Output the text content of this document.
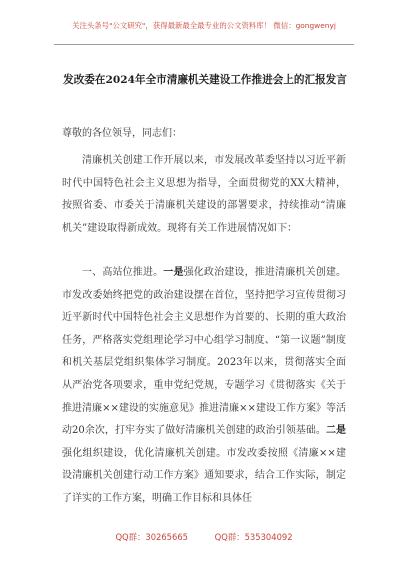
关注头条号"公文研究"，获得最新最全最专业的公文资料库！ 微信：gongwenyj
发改委在2024年全市清廉机关建设工作推进会上的汇报发言
尊敬的各位领导，同志们：

清廉机关创建工作开展以来，市发展改革委坚持以习近平新时代中国特色社会主义思想为指导，全面贯彻党的XX大精神，按照省委、市委关于清廉机关建设的部署要求，持续推动“清廉机关”建设取得新成效。现将有关工作进展情况如下：

一、高站位推进。一是强化政治建设，推进清廉机关创建。市发改委始终把党的政治建设摆在首位，坚持把学习宣传贯彻习近平新时代中国特色社会主义思想作为首要的、长期的重大政治任务，严格落实党组理论学习中心组学习制度、“第一议题”制度和机关基层党组织集体学习制度。2023年以来，贯彻落实全面从严治党各项要求，重申党纪党规，专题学习《贯彻落实《关于推进清廉××建设的实施意见》推进清廉××建设工作方案》等活动20余次，打牢夯实了做好清廉机关创建的政治引领基础。二是强化组织建设，优化清廉机关创建。市发改委按照《清廉××建设清廉机关创建行动工作方案》通知要求，结合工作实际，制定了详实的工作方案，明确工作目标和具体任

QQ群：30265665	QQ群：535304092
